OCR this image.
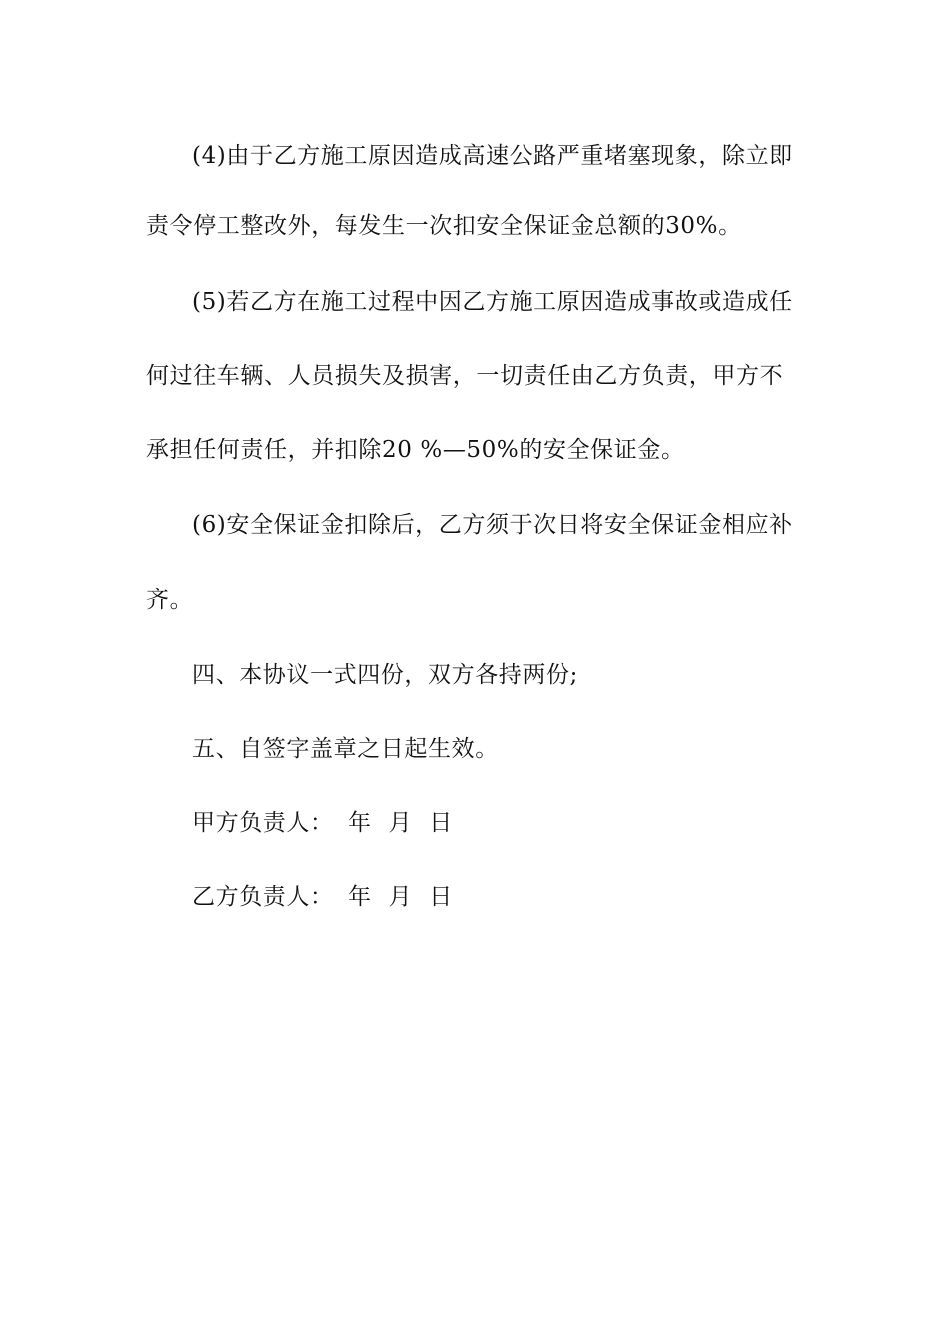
(4)由于乙方施工原因造成高速公路严重堵塞现象，除立即
责令停工整改外，每发生一次扣安全保证金总额的30%。
(5)若乙方在施工过程中因乙方施工原因造成事故或造成任
何过往车辆、人员损失及损害，一切责任由乙方负责，甲方不
承担任何责任，并扣除20 %—50%的安全保证金。
(6)安全保证金扣除后，乙方须于次日将安全保证金相应补
齐。
四、本协议一式四份，双方各持两份;
五、自签字盖章之日起生效。
甲方负责人： 年 月 日
乙方负责人： 年 月 日
